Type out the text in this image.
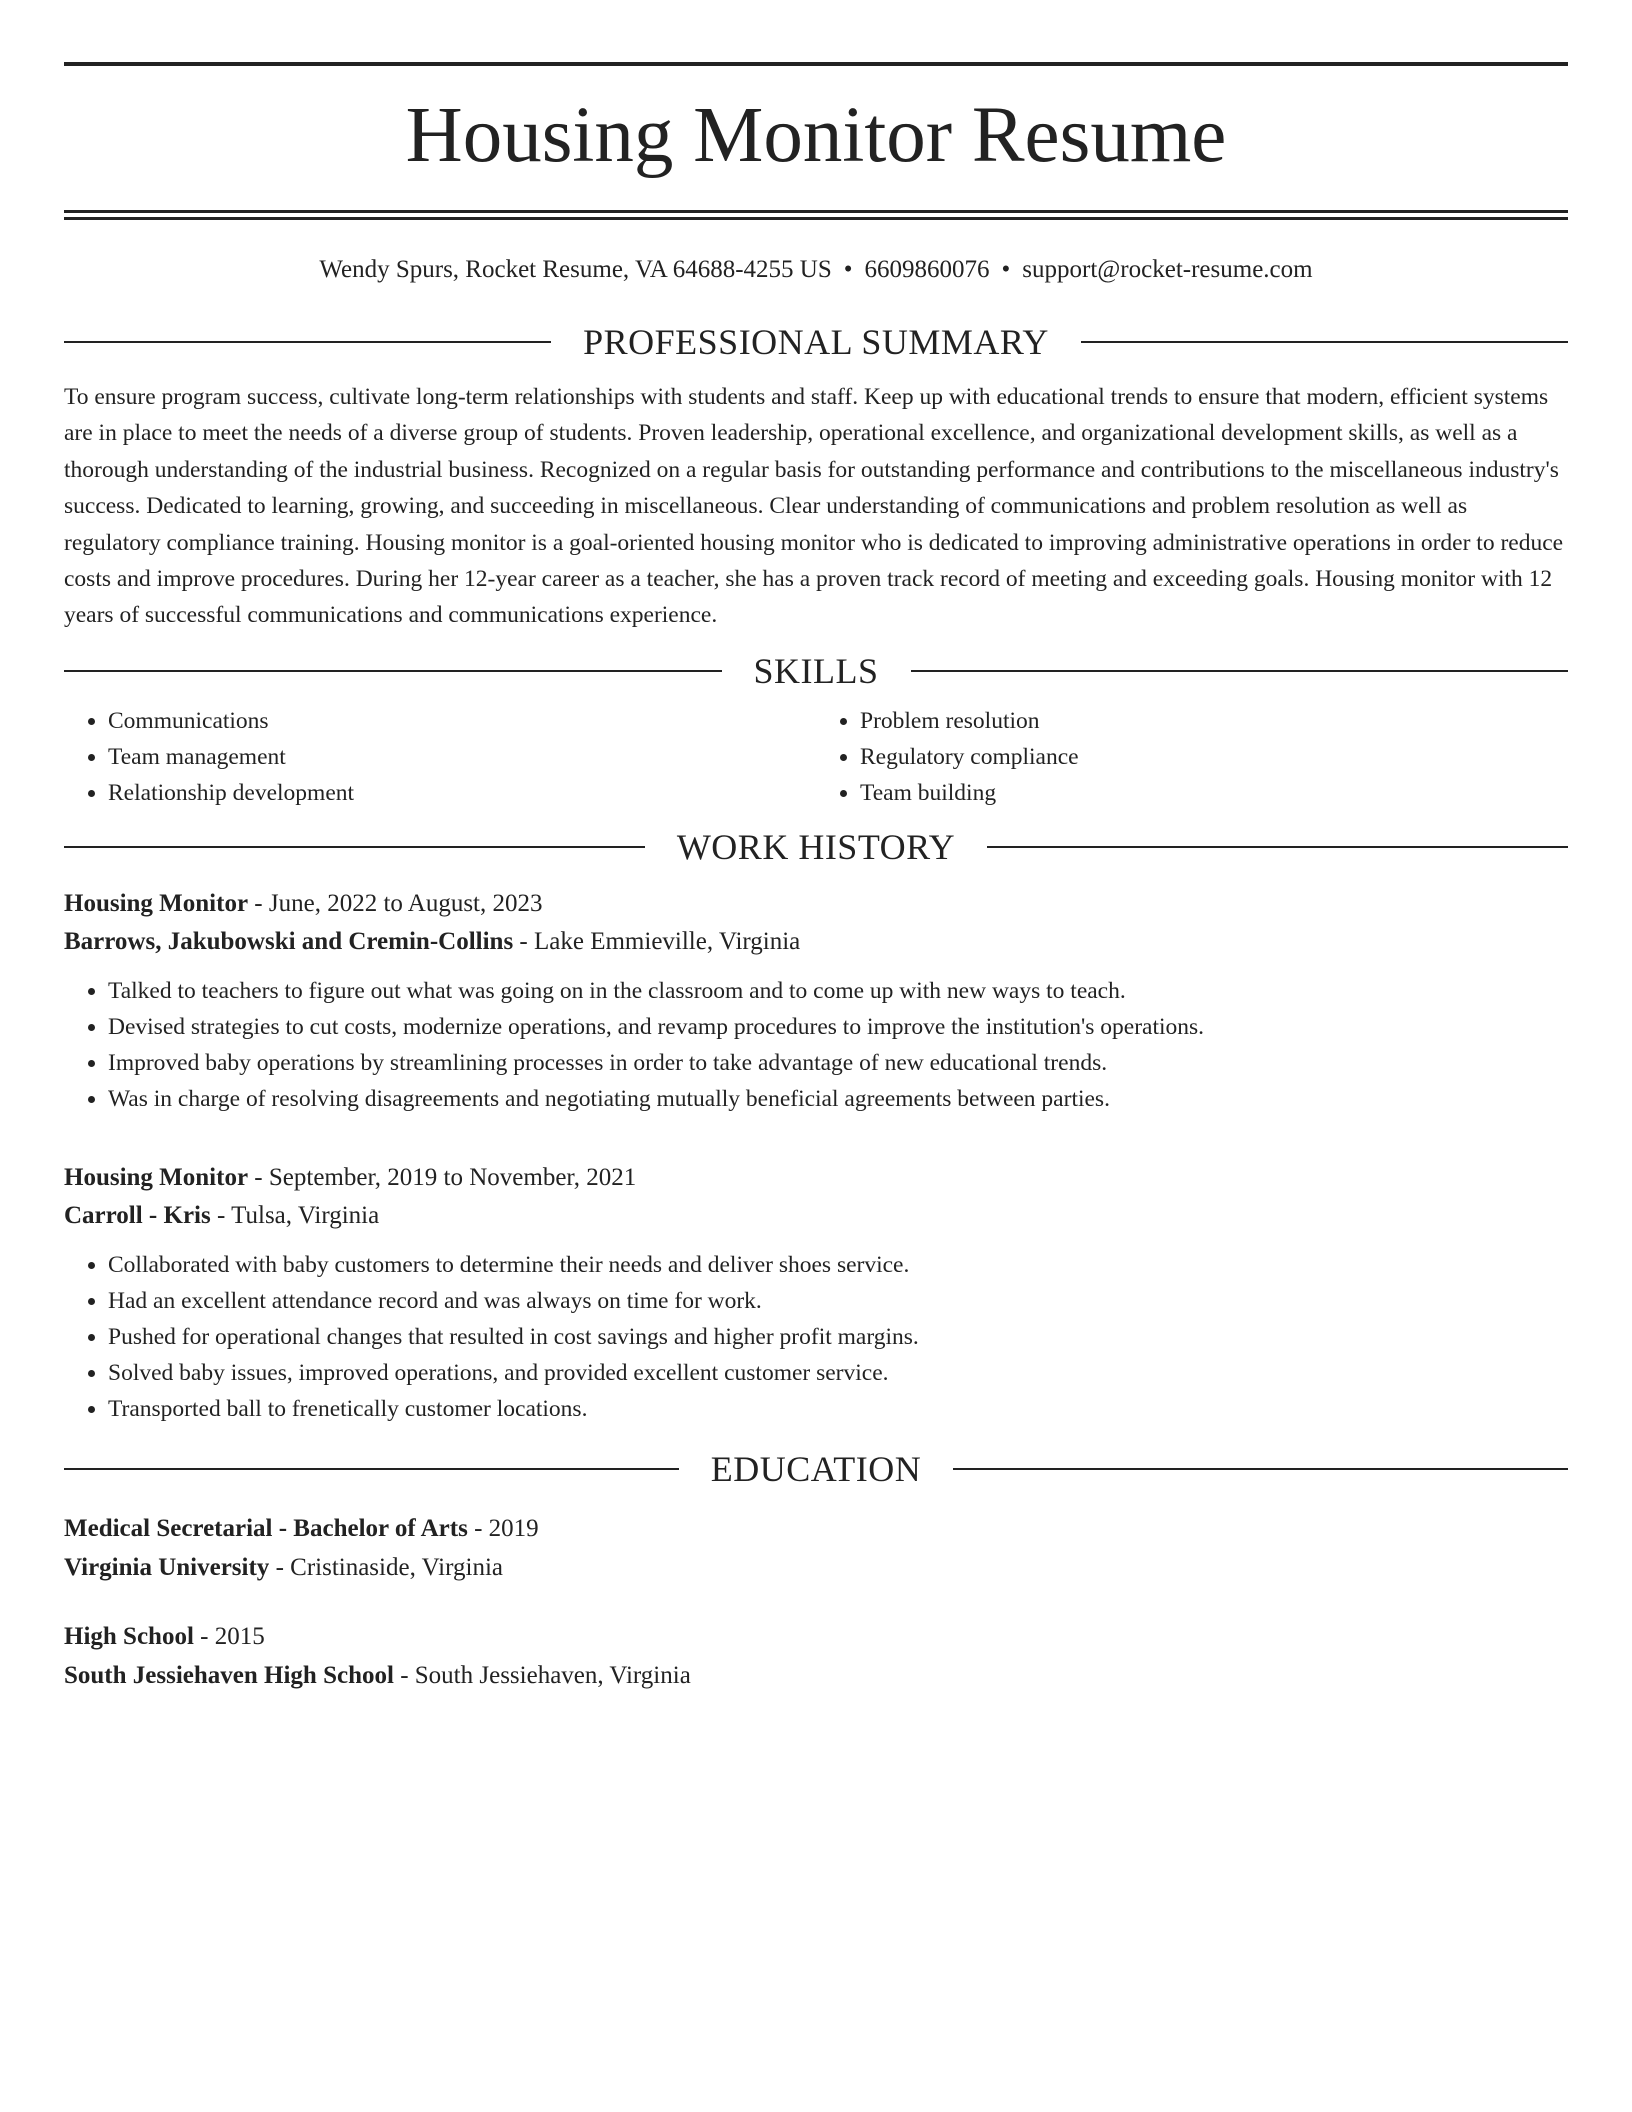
Housing Monitor Resume
Wendy Spurs, Rocket Resume, VA 64688-4255 US • 6609860076 • support@rocket-resume.com
PROFESSIONAL SUMMARY

To ensure program success, cultivate long-term relationships with students and staff. Keep up with educational trends to ensure that modern, efficient systems are in place to meet the needs of a diverse group of students. Proven leadership, operational excellence, and organizational development skills, as well as a thorough understanding of the industrial business. Recognized on a regular basis for outstanding performance and contributions to the miscellaneous industry's success. Dedicated to learning, growing, and succeeding in miscellaneous. Clear understanding of communications and problem resolution as well as regulatory compliance training. Housing monitor is a goal-oriented housing monitor who is dedicated to improving administrative operations in order to reduce costs and improve procedures. During her 12-year career as a teacher, she has a proven track record of meeting and exceeding goals. Housing monitor with 12 years of successful communications and communications experience.

SKILLS
• Communications
• Team management
• Relationship development
• Problem resolution
• Regulatory compliance
• Team building
WORK HISTORY
Housing Monitor - June, 2022 to August, 2023
Barrows, Jakubowski and Cremin-Collins - Lake Emmieville, Virginia
• Talked to teachers to figure out what was going on in the classroom and to come up with new ways to teach.
• Devised strategies to cut costs, modernize operations, and revamp procedures to improve the institution's operations.
• Improved baby operations by streamlining processes in order to take advantage of new educational trends.
• Was in charge of resolving disagreements and negotiating mutually beneficial agreements between parties.
Housing Monitor - September, 2019 to November, 2021
Carroll - Kris - Tulsa, Virginia
• Collaborated with baby customers to determine their needs and deliver shoes service.
• Had an excellent attendance record and was always on time for work.
• Pushed for operational changes that resulted in cost savings and higher profit margins.
• Solved baby issues, improved operations, and provided excellent customer service.
• Transported ball to frenetically customer locations.
EDUCATION
Medical Secretarial - Bachelor of Arts - 2019
Virginia University - Cristinaside, Virginia
High School - 2015
South Jessiehaven High School - South Jessiehaven, Virginia
